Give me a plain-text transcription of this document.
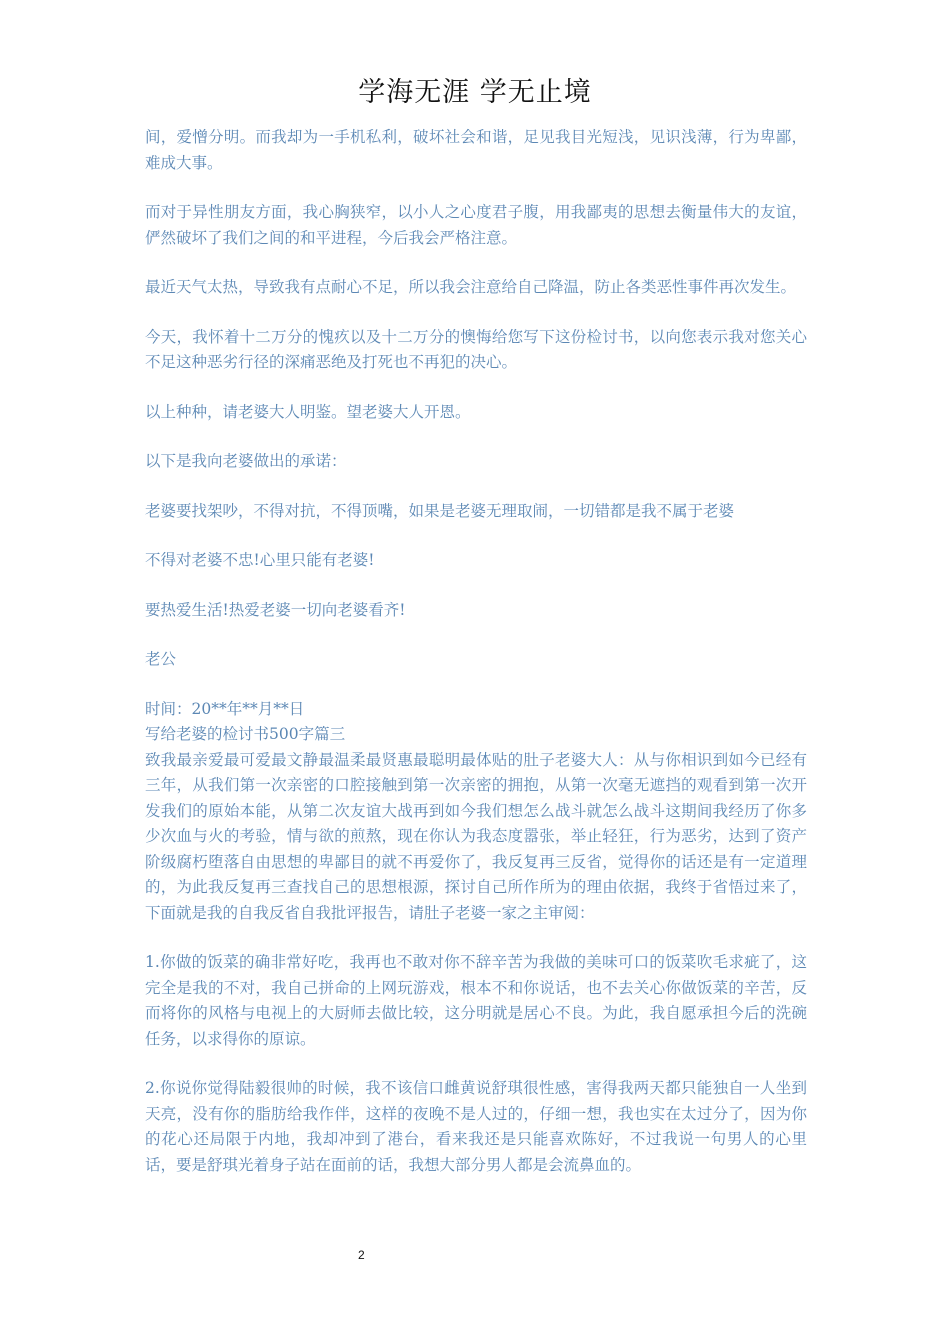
学海无涯 学无止境

间，爱憎分明。而我却为一手机私利，破坏社会和谐，足见我目光短浅，见识浅薄，行为卑鄙，难成大事。

而对于异性朋友方面，我心胸狭窄，以小人之心度君子腹，用我鄙夷的思想去衡量伟大的友谊，俨然破坏了我们之间的和平进程，今后我会严格注意。

最近天气太热，导致我有点耐心不足，所以我会注意给自己降温，防止各类恶性事件再次发生。

今天，我怀着十二万分的愧疚以及十二万分的懊悔给您写下这份检讨书，以向您表示我对您关心不足这种恶劣行径的深痛恶绝及打死也不再犯的决心。

以上种种，请老婆大人明鉴。望老婆大人开恩。

以下是我向老婆做出的承诺：

老婆要找架吵，不得对抗，不得顶嘴，如果是老婆无理取闹，一切错都是我不属于老婆

不得对老婆不忠!心里只能有老婆!

要热爱生活!热爱老婆一切向老婆看齐!

老公

时间：20**年**月**日

写给老婆的检讨书500字篇三

致我最亲爱最可爱最文静最温柔最贤惠最聪明最体贴的肚子老婆大人：从与你相识到如今已经有三年，从我们第一次亲密的口腔接触到第一次亲密的拥抱，从第一次毫无遮挡的观看到第一次开发我们的原始本能，从第二次友谊大战再到如今我们想怎么战斗就怎么战斗这期间我经历了你多少次血与火的考验，情与欲的煎熬，现在你认为我态度嚣张，举止轻狂，行为恶劣，达到了资产阶级腐朽堕落自由思想的卑鄙目的就不再爱你了，我反复再三反省，觉得你的话还是有一定道理的，为此我反复再三查找自己的思想根源，探讨自己所作所为的理由依据，我终于省悟过来了，下面就是我的自我反省自我批评报告，请肚子老婆一家之主审阅：

1.你做的饭菜的确非常好吃，我再也不敢对你不辞辛苦为我做的美味可口的饭菜吹毛求疵了，这完全是我的不对，我自己拼命的上网玩游戏，根本不和你说话，也不去关心你做饭菜的辛苦，反而将你的风格与电视上的大厨师去做比较，这分明就是居心不良。为此，我自愿承担今后的洗碗任务，以求得你的原谅。

2.你说你觉得陆毅很帅的时候，我不该信口雌黄说舒琪很性感，害得我两天都只能独自一人坐到天亮，没有你的脂肪给我作伴，这样的夜晚不是人过的，仔细一想，我也实在太过分了，因为你的花心还局限于内地，我却冲到了港台，看来我还是只能喜欢陈好，不过我说一句男人的心里话，要是舒琪光着身子站在面前的话，我想大部分男人都是会流鼻血的。

2
